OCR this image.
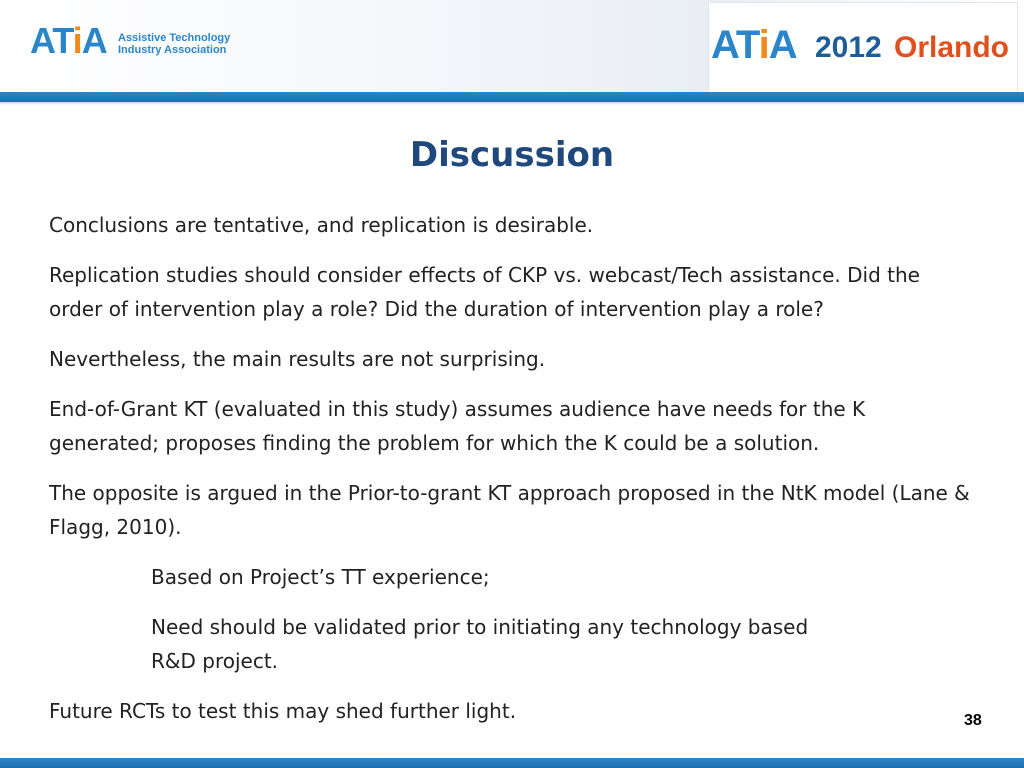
ATiA Assistive Technology
Industry Association	ATiA 2012 Orlando
Discussion

Conclusions are tentative, and replication is desirable.

Replication studies should consider effects of CKP vs. webcast/Tech assistance. Did the order of intervention play a role? Did the duration of intervention play a role?

Nevertheless, the main results are not surprising.

End-of-Grant KT (evaluated in this study) assumes audience have needs for the K generated; proposes finding the problem for which the K could be a solution.

The opposite is argued in the Prior-to-grant KT approach proposed in the NtK model (Lane & Flagg, 2010).

Based on Project’s TT experience;

Need should be validated prior to initiating any technology based R&D project.

Future RCTs to test this may shed further light.	38
